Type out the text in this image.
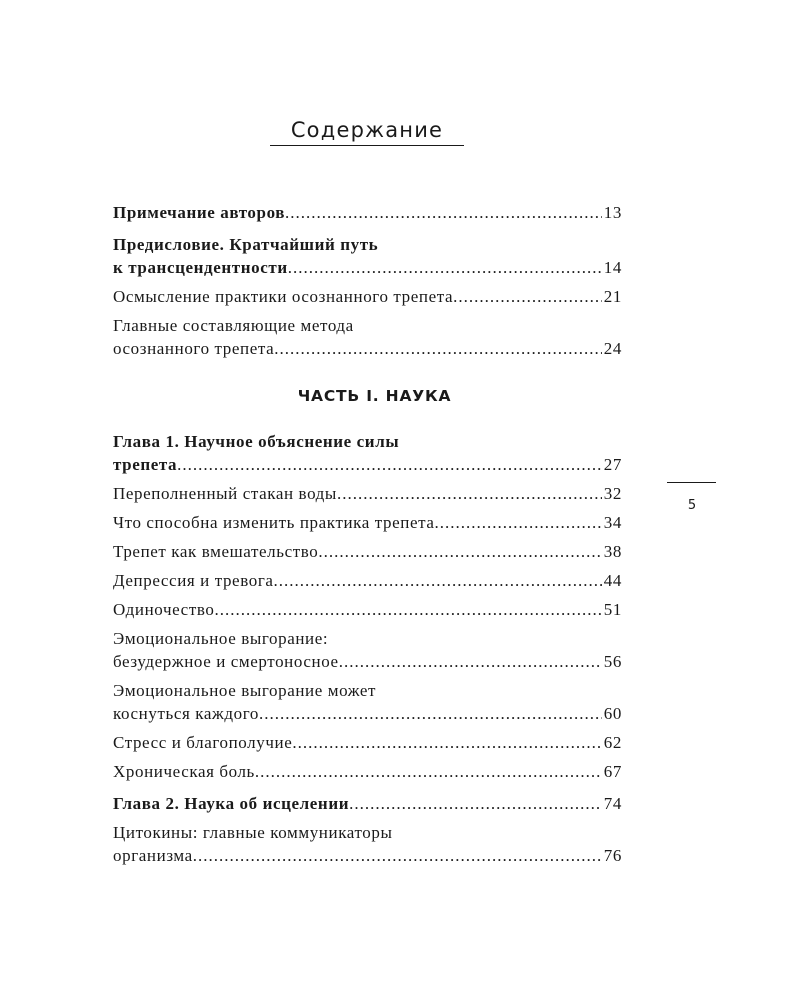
Содержание
Примечание авторов .....	13
Предисловие. Кратчайший путь
к трансцендентности .....	14
Осмысление практики осознанного трепета .....	21
Главные составляющие метода
осознанного трепета .....	24
ЧАСТЬ I. НАУКА
Глава 1. Научное объяснение силы
трепета .....	27
Переполненный стакан воды .....	32
Что способна изменить практика трепета .....	34
Трепет как вмешательство .....	38
Депрессия и тревога .....	44
Одиночество .....	51
Эмоциональное выгорание:
безудержное и смертоносное .....	56
Эмоциональное выгорание может
коснуться каждого .....	60
Стресс и благополучие .....	62
Хроническая боль .....	67
Глава 2. Наука об исцелении .....	74
Цитокины: главные коммуникаторы
организма .....	76
5
